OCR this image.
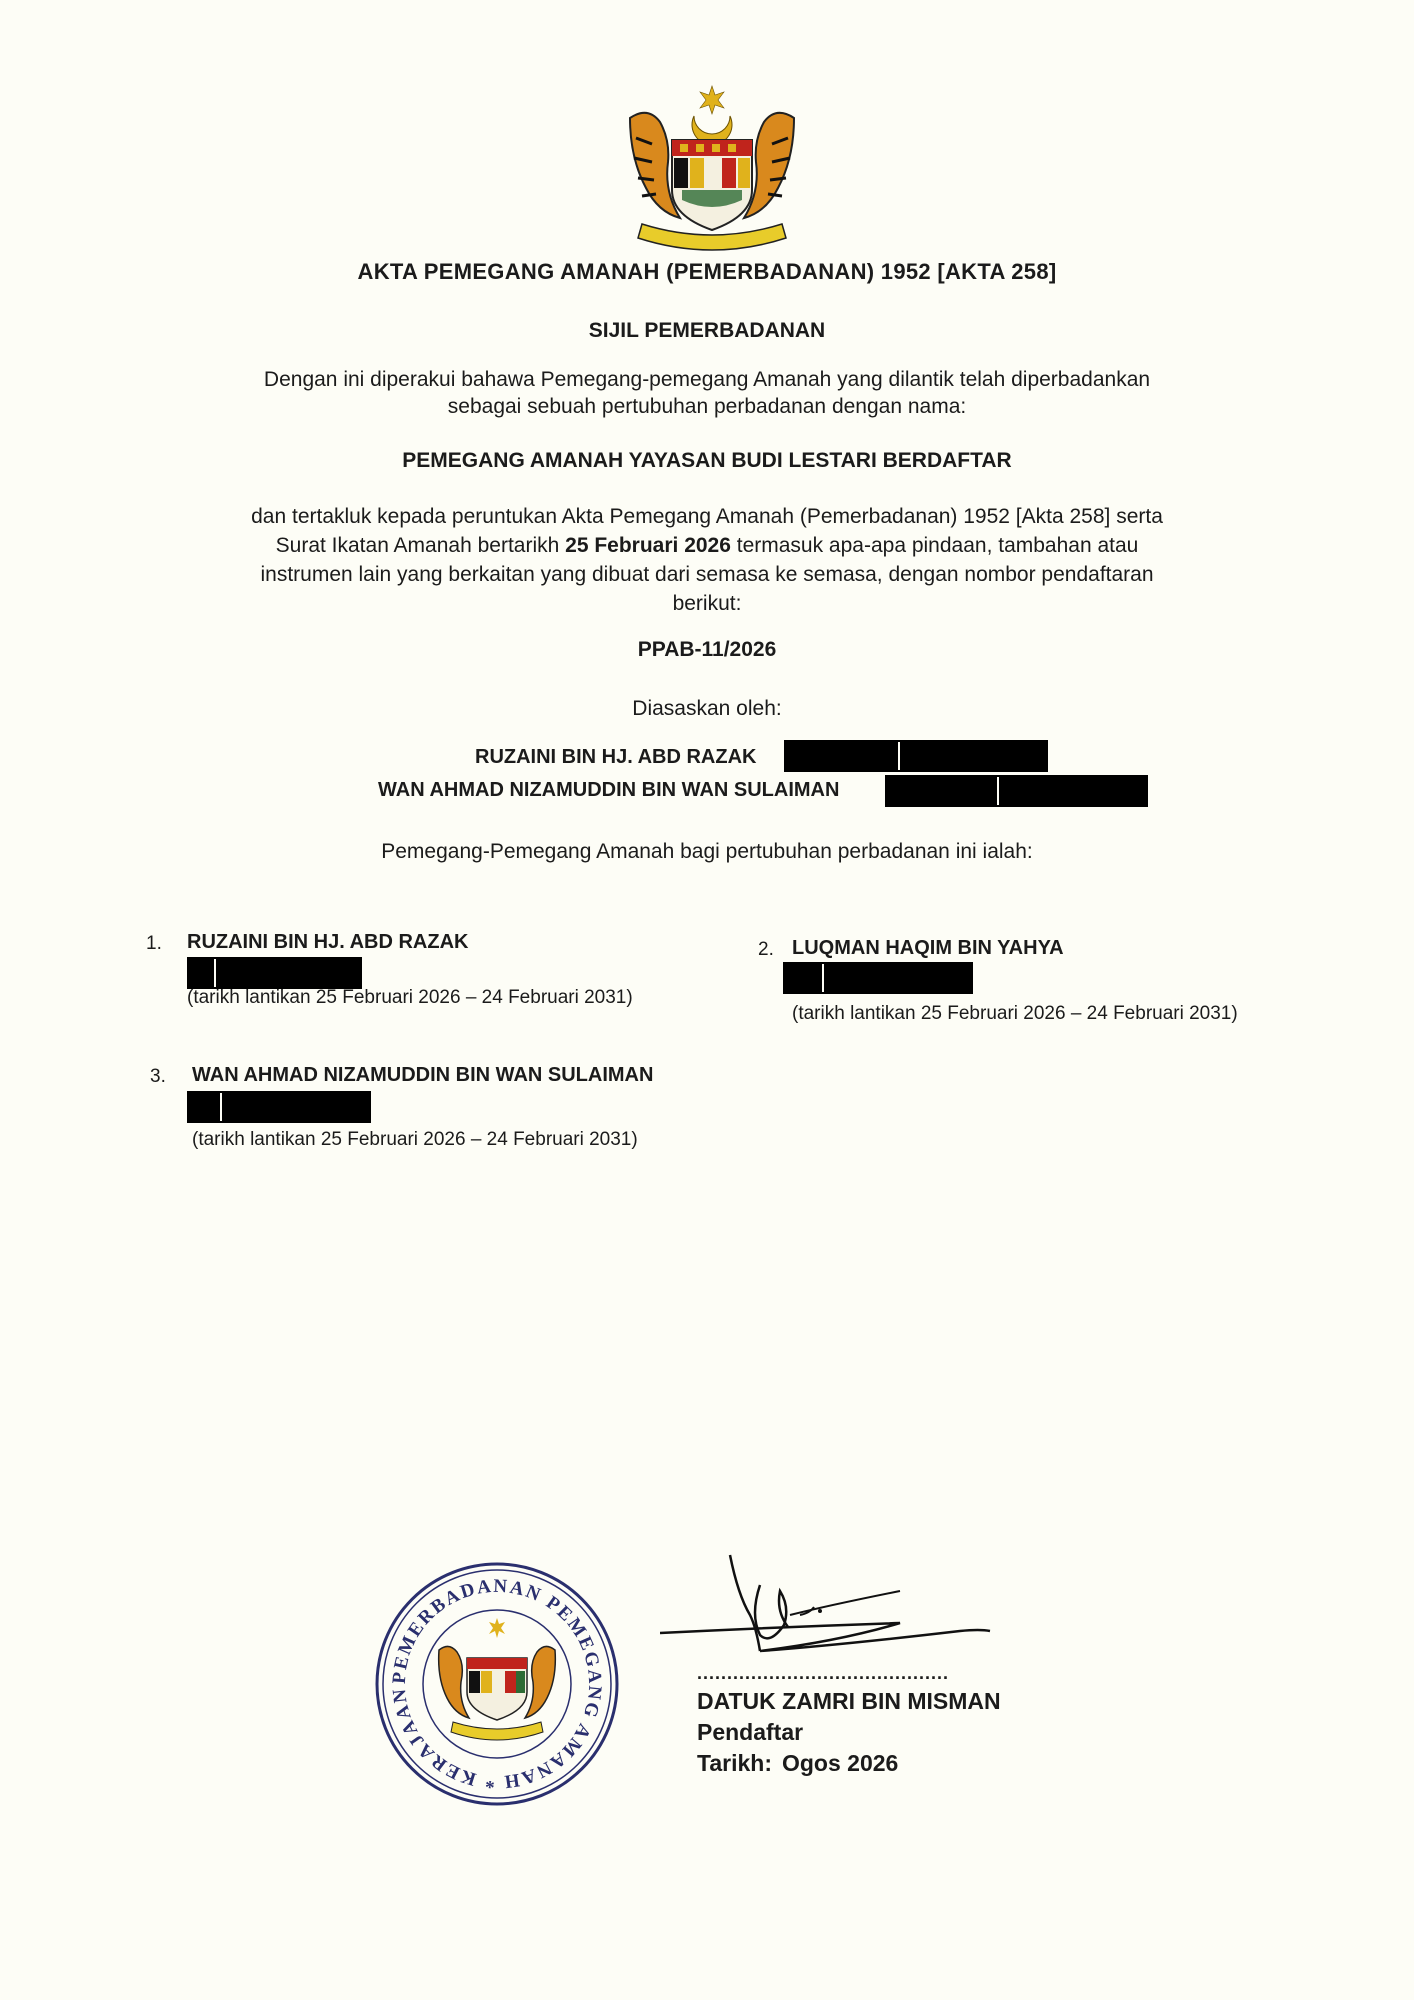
AKTA PEMEGANG AMANAH (PEMERBADANAN) 1952 [AKTA 258]
SIJIL PEMERBADANAN
Dengan ini diperakui bahawa Pemegang-pemegang Amanah yang dilantik telah diperbadankan
sebagai sebuah pertubuhan perbadanan dengan nama:
PEMEGANG AMANAH YAYASAN BUDI LESTARI BERDAFTAR
dan tertakluk kepada peruntukan Akta Pemegang Amanah (Pemerbadanan) 1952 [Akta 258] serta
Surat Ikatan Amanah bertarikh 25 Februari 2026 termasuk apa-apa pindaan, tambahan atau
instrumen lain yang berkaitan yang dibuat dari semasa ke semasa, dengan nombor pendaftaran
berikut:
PPAB-11/2026
Diasaskan oleh:
RUZAINI BIN HJ. ABD RAZAK
WAN AHMAD NIZAMUDDIN BIN WAN SULAIMAN
Pemegang-Pemegang Amanah bagi pertubuhan perbadanan ini ialah:
1. RUZAINI BIN HJ. ABD RAZAK
(tarikh lantikan 25 Februari 2026 – 24 Februari 2031)
2. LUQMAN HAQIM BIN YAHYA
(tarikh lantikan 25 Februari 2026 – 24 Februari 2031)
3. WAN AHMAD NIZAMUDDIN BIN WAN SULAIMAN
(tarikh lantikan 25 Februari 2026 – 24 Februari 2031)
PEMERBADANAN PEMEGANG AMANAH * KERAJAAN
..........................................
DATUK ZAMRI BIN MISMAN
Pendaftar
Tarikh: Ogos 2026
